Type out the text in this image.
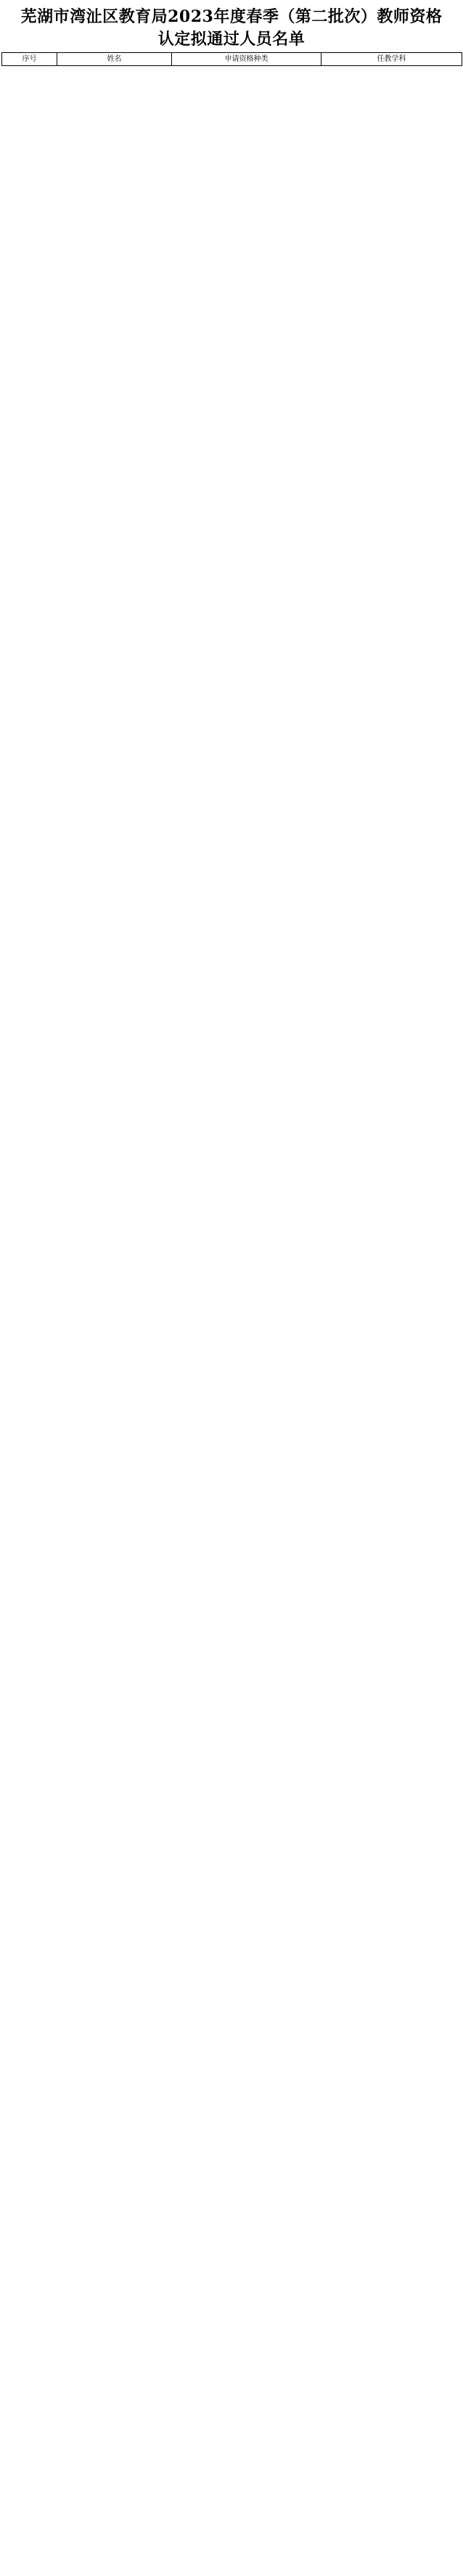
芜湖市湾沚区教育局2023年度春季（第二批次）教师资格
认定拟通过人员名单
序号	姓名	申请资格种类	任教学科
